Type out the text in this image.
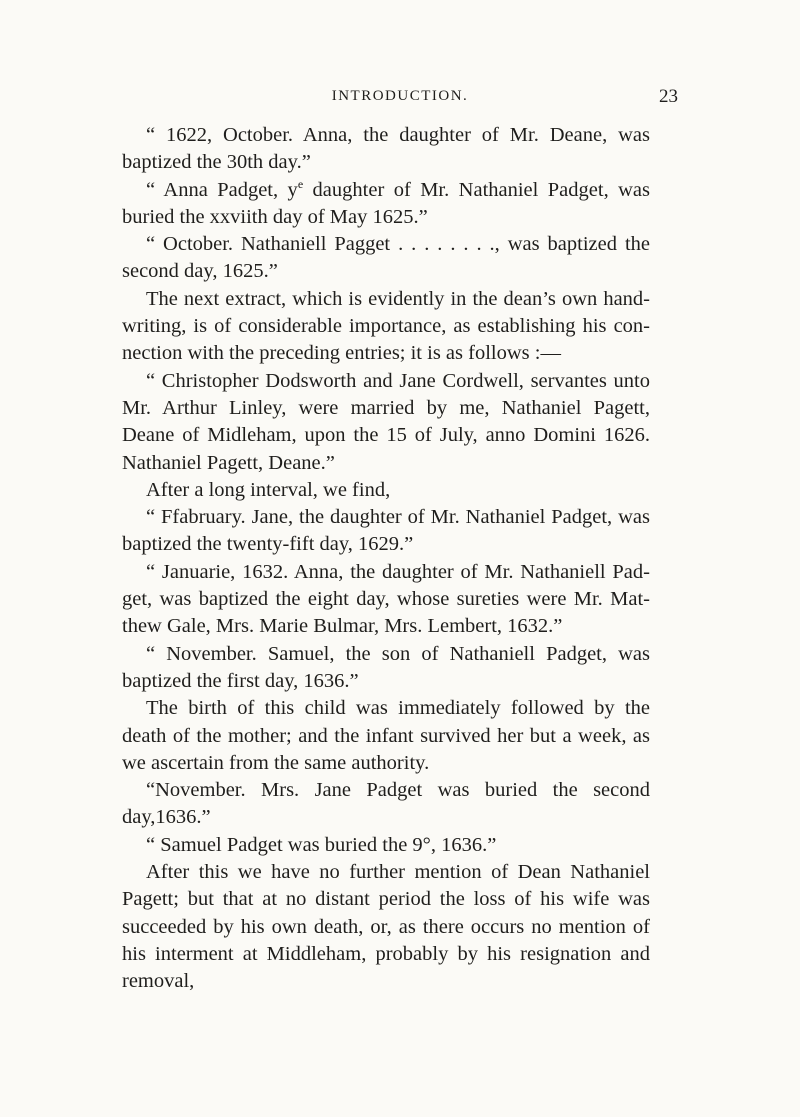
INTRODUCTION.	23

“ 1622, October. Anna, the daughter of Mr. Deane, was baptized the 30th day.”

“ Anna Padget, $y^e$ daughter of Mr. Nathaniel Padget, was buried the xxviith day of May 1625.”

“ October. Nathaniell Pagget . . . . . . . ., was baptized the second day, 1625.”

The next extract, which is evidently in the dean’s own hand-writing, is of considerable importance, as establishing his con-nection with the preceding entries; it is as follows :—

“ Christopher Dodsworth and Jane Cordwell, servantes unto Mr. Arthur Linley, were married by me, Nathaniel Pagett, Deane of Midleham, upon the 15 of July, anno Domini 1626. Nathaniel Pagett, Deane.”

After a long interval, we find,

“ Ffabruary. Jane, the daughter of Mr. Nathaniel Padget, was baptized the twenty-fift day, 1629.”

“ Januarie, 1632. Anna, the daughter of Mr. Nathaniell Pad-get, was baptized the eight day, whose sureties were Mr. Mat-thew Gale, Mrs. Marie Bulmar, Mrs. Lembert, 1632.”

“ November. Samuel, the son of Nathaniell Padget, was baptized the first day, 1636.”

The birth of this child was immediately followed by the death of the mother; and the infant survived her but a week, as we ascertain from the same authority.

“November. Mrs. Jane Padget was buried the second day,1636.”

“ Samuel Padget was buried the 9°, 1636.”

After this we have no further mention of Dean Nathaniel Pagett; but that at no distant period the loss of his wife was succeeded by his own death, or, as there occurs no mention of his interment at Middleham, probably by his resignation and removal,
